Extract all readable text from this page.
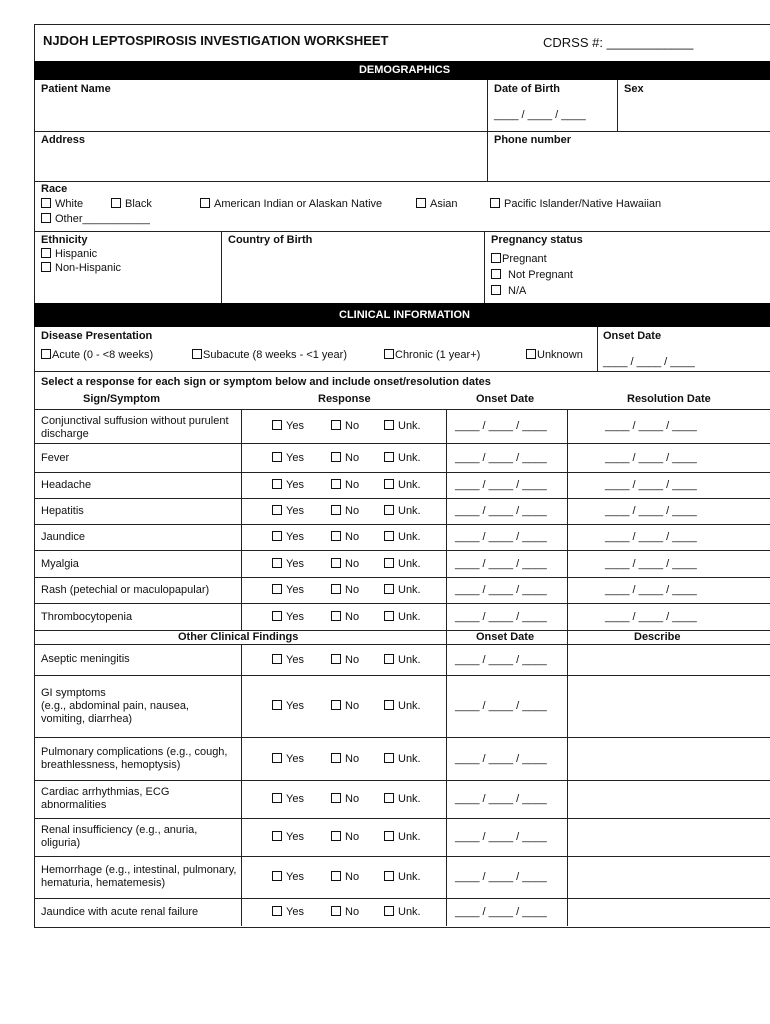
NJDOH LEPTOSPIROSIS INVESTIGATION WORKSHEET	CDRSS #: ____________
DEMOGRAPHICS
Patient Name	Date of Birth
____ / ____ / ____
Sex
Address	Phone number
Race
White	Black	American Indian or Alaskan Native	Asian	Pacific Islander/Native Hawaiian
Other___________
Ethnicity
Hispanic
Non-Hispanic
Country of Birth	Pregnancy status
Pregnant
Not Pregnant
N/A
CLINICAL INFORMATION
Disease Presentation	Onset Date
Acute (0 - <8 weeks)	Subacute (8 weeks - <1 year)	Chronic (1 year+)	Unknown
____ / ____ / ____
Select a response for each sign or symptom below and include onset/resolution dates
Sign/Symptom	Response	Onset Date	Resolution Date
Conjunctival suffusion without purulent discharge
Yes	No	Unk.	____ / ____ / ____	____ / ____ / ____
Fever	Yes	No	Unk.	____ / ____ / ____	____ / ____ / ____
Headache	Yes	No	Unk.	____ / ____ / ____	____ / ____ / ____
Hepatitis	Yes	No	Unk.	____ / ____ / ____	____ / ____ / ____
Jaundice	Yes	No	Unk.	____ / ____ / ____	____ / ____ / ____
Myalgia	Yes	No	Unk.	____ / ____ / ____	____ / ____ / ____
Rash (petechial or maculopapular)	Yes	No	Unk.	____ / ____ / ____	____ / ____ / ____
Thrombocytopenia	Yes	No	Unk.	____ / ____ / ____	____ / ____ / ____
Other Clinical Findings	Onset Date	Describe
Aseptic meningitis	Yes	No	Unk.	____ / ____ / ____
GI symptoms
(e.g., abdominal pain, nausea,
vomiting, diarrhea)
Yes	No	Unk.	____ / ____ / ____
Pulmonary complications (e.g., cough, breathlessness, hemoptysis)	Yes	No	Unk.	____ / ____ / ____
Cardiac arrhythmias, ECG abnormalities	Yes	No	Unk.	____ / ____ / ____
Renal insufficiency (e.g., anuria, oliguria)	Yes	No	Unk.	____ / ____ / ____
Hemorrhage (e.g., intestinal, pulmonary, hematuria, hematemesis)	Yes	No	Unk.	____ / ____ / ____
Jaundice with acute renal failure	Yes	No	Unk.	____ / ____ / ____
